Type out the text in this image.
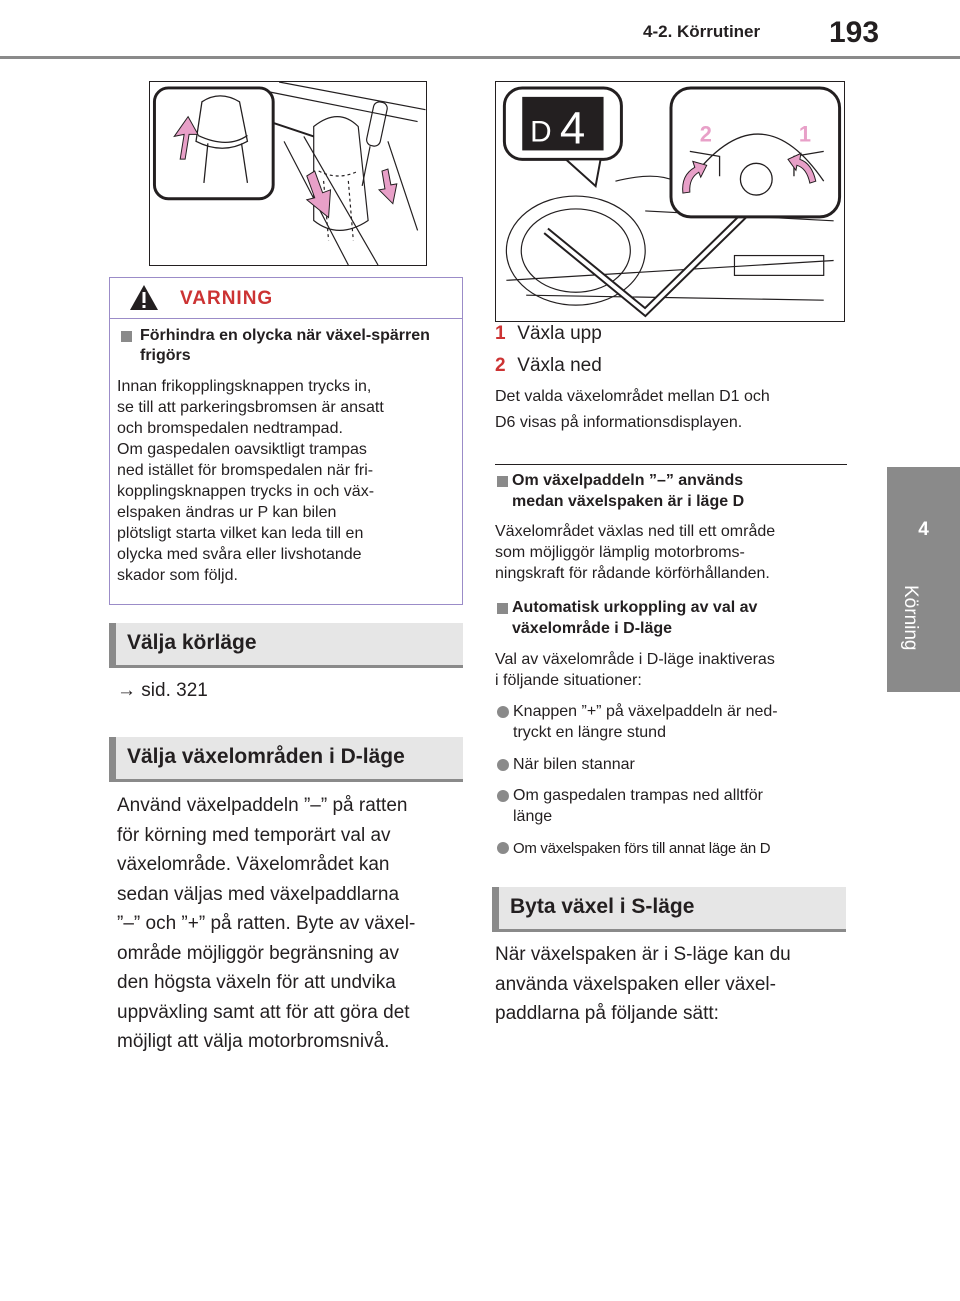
4-2. Körrutiner 193
4
Körning
D 4	2	1
VARNING
Förhindra en olycka när växel-spärren frigörs
Innan frikopplingsknappen trycks in,
se till att parkeringsbromsen är ansatt
och bromspedalen nedtrampad.
Om gaspedalen oavsiktligt trampas
ned istället för bromspedalen när fri-
kopplingsknappen trycks in och väx-
elspaken ändras ur P kan bilen
plötsligt starta vilket kan leda till en
olycka med svåra eller livshotande
skador som följd.
Välja körläge
→ sid. 321
Välja växelområden i D-läge
Använd växelpaddeln ”–” på ratten
för körning med temporärt val av
växelområde. Växelområdet kan
sedan väljas med växelpaddlarna
”–” och ”+” på ratten. Byte av växel-
område möjliggör begränsning av
den högsta växeln för att undvika
uppväxling samt att för att göra det
möjligt att välja motorbromsnivå.
1 Växla upp
2 Växla ned
Det valda växelområdet mellan D1 och
D6 visas på informationsdisplayen.
Om växelpaddeln ”–” används
medan växelspaken är i läge D
Växelområdet växlas ned till ett område
som möjliggör lämplig motorbroms-
ningskraft för rådande körförhållanden.
Automatisk urkoppling av val av
växelområde i D-läge
Val av växelområde i D-läge inaktiveras
i följande situationer:
Knappen ”+” på växelpaddeln är ned-
tryckt en längre stund
När bilen stannar
Om gaspedalen trampas ned alltför
länge
Om växelspaken förs till annat läge än D
Byta växel i S-läge
När växelspaken är i S-läge kan du
använda växelspaken eller växel-
paddlarna på följande sätt:
